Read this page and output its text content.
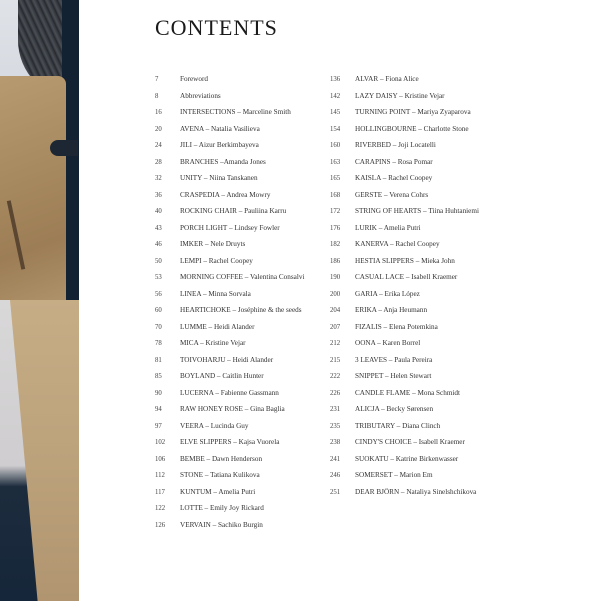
CONTENTS
7	Foreword
8	Abbreviations
16	INTERSECTIONS – Marceline Smith
20	AVENA – Natalia Vasilieva
24	JILI – Aizur Berkimbayeva
28	BRANCHES –Amanda Jones
32	UNITY – Niina Tanskanen
36	CRASPEDIA – Andrea Mowry
40	ROCKING CHAIR – Pauliina Karru
43	PORCH LIGHT – Lindsey Fowler
46	IMKER – Nele Druyts
50	LEMPI – Rachel Coopey
53	MORNING COFFEE – Valentina Consalvi
56	LINEA – Minna Sorvala
60	HEARTICHOKE – Joséphine & the seeds
70	LUMME – Heidi Alander
78	MICA – Kristine Vejar
81	TOIVOHARJU – Heidi Alander
85	BOYLAND – Caitlin Hunter
90	LUCERNA – Fabienne Gassmann
94	RAW HONEY ROSE – Gina Baglia
97	VEERA – Lucinda Guy
102	ELVE SLIPPERS – Kajsa Vuorela
106	BEMBE – Dawn Henderson
112	STONE – Tatiana Kulikova
117	KUNTUM – Amelia Putri
122	LOTTE – Emily Joy Rickard
126	VERVAIN – Sachiko Burgin
136	ALVAR – Fiona Alice
142	LAZY DAISY – Kristine Vejar
145	TURNING POINT – Mariya Zyaparova
154	HOLLINGBOURNE – Charlotte Stone
160	RIVERBED – Joji Locatelli
163	CARAPINS – Rosa Pomar
165	KAISLA – Rachel Coopey
168	GERSTE – Verena Cohrs
172	STRING OF HEARTS – Tiina Huhtaniemi
176	LURIK – Amelia Putri
182	KANERVA – Rachel Coopey
186	HESTIA SLIPPERS – Mieka John
190	CASUAL LACE – Isabell Kraemer
200	GARIA – Erika López
204	ERIKA – Anja Heumann
207	FIZALIS – Elena Potemkina
212	OONA – Karen Borrel
215	3 LEAVES – Paula Pereira
222	SNIPPET – Helen Stewart
226	CANDLE FLAME – Mona Schmidt
231	ALICJA – Becky Sørensen
235	TRIBUTARY – Diana Clinch
238	CINDY'S CHOICE – Isabell Kraemer
241	SUOKATU – Katrine Birkenwasser
246	SOMERSET – Marion Em
251	DEAR BJÖRN – Nataliya Sinelshchikova
